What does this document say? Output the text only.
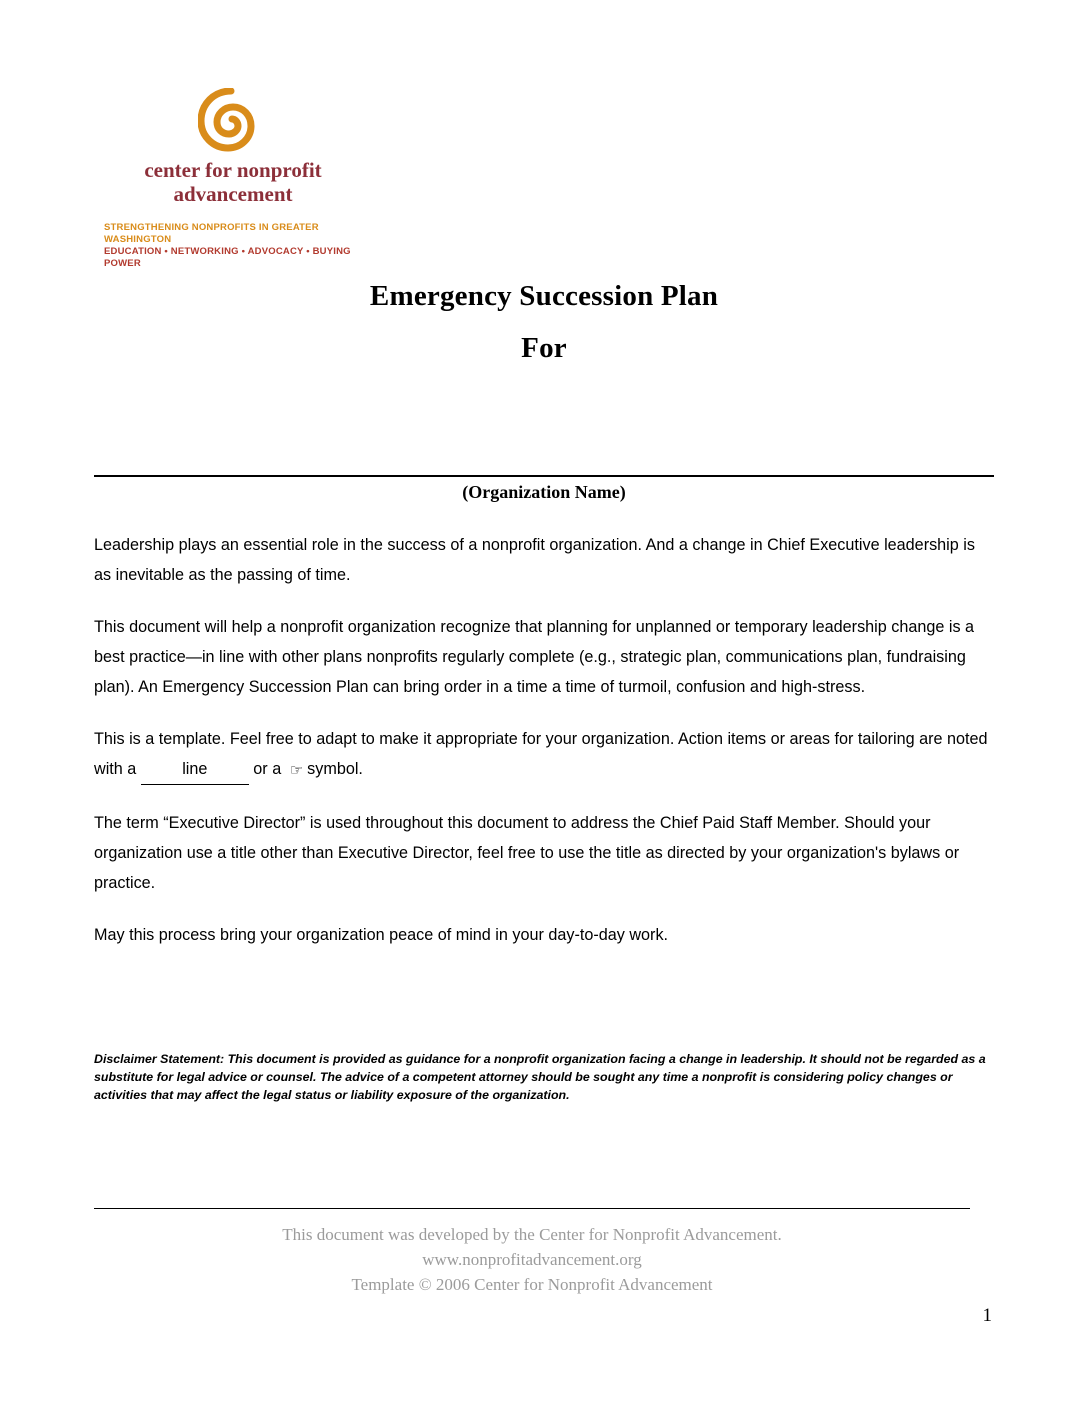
center for nonprofit
advancement
STRENGTHENING NONPROFITS IN GREATER WASHINGTON
EDUCATION • NETWORKING • ADVOCACY • BUYING POWER
Emergency Succession Plan
For
(Organization Name)

Leadership plays an essential role in the success of a nonprofit organization. And a change in Chief Executive leadership is as inevitable as the passing of time.

This document will help a nonprofit organization recognize that planning for unplanned or temporary leadership change is a best practice—in line with other plans nonprofits regularly complete (e.g., strategic plan, communications plan, fundraising plan). An Emergency Succession Plan can bring order in a time a time of turmoil, confusion and high-stress.

This is a template. Feel free to adapt to make it appropriate for your organization. Action items or areas for tailoring are noted with a	line	or a ☞ symbol.

The term “Executive Director” is used throughout this document to address the Chief Paid Staff Member. Should your organization use a title other than Executive Director, feel free to use the title as directed by your organization's bylaws or practice.

May this process bring your organization peace of mind in your day-to-day work.

Disclaimer Statement: This document is provided as guidance for a nonprofit organization facing a change in leadership. It should not be regarded as a substitute for legal advice or counsel. The advice of a competent attorney should be sought any time a nonprofit is considering policy changes or activities that may affect the legal status or liability exposure of the organization.
This document was developed by the Center for Nonprofit Advancement.
www.nonprofitadvancement.org
Template © 2006 Center for Nonprofit Advancement
1
